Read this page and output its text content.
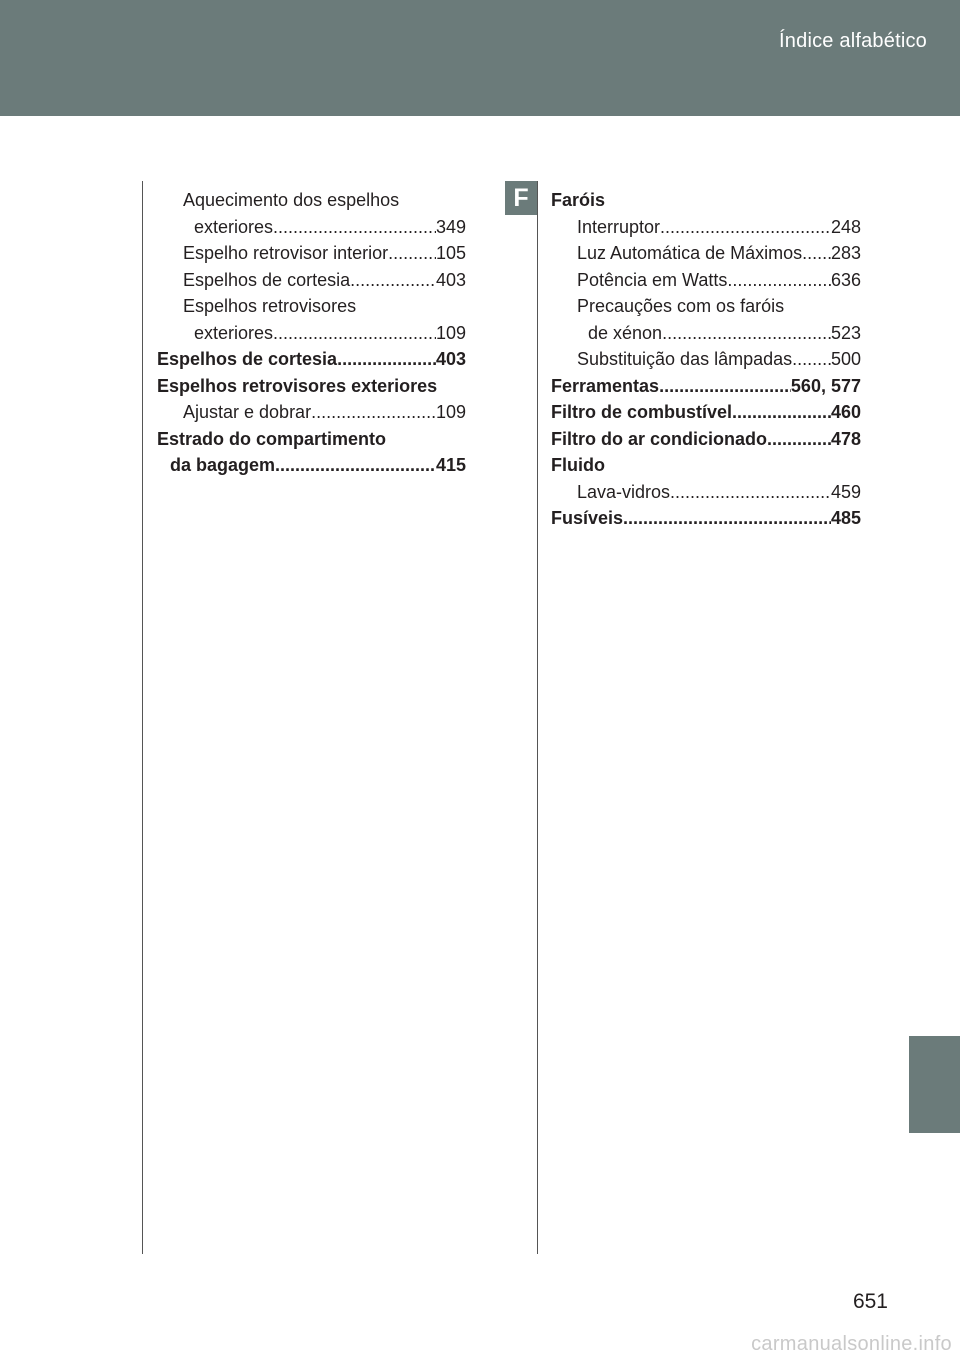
Índice alfabético
F
Aquecimento dos espelhos
exteriores .....	349
Espelho retrovisor interior .....	105
Espelhos de cortesia .....	403
Espelhos retrovisores
exteriores .....	109
Espelhos de cortesia .....	403
Espelhos retrovisores exteriores
Ajustar e dobrar .....	109
Estrado do compartimento
da bagagem .....	415
Faróis
Interruptor .....	248
Luz Automática de Máximos ..... 283
Potência em Watts .....	636
Precauções com os faróis
de xénon .....	523
Substituição das lâmpadas ..... 500
Ferramentas .....	560, 577
Filtro de combustível .....	460
Filtro do ar condicionado .....	478
Fluido
Lava-vidros .....	459
Fusíveis .....	485
651
carmanualsonline.info
